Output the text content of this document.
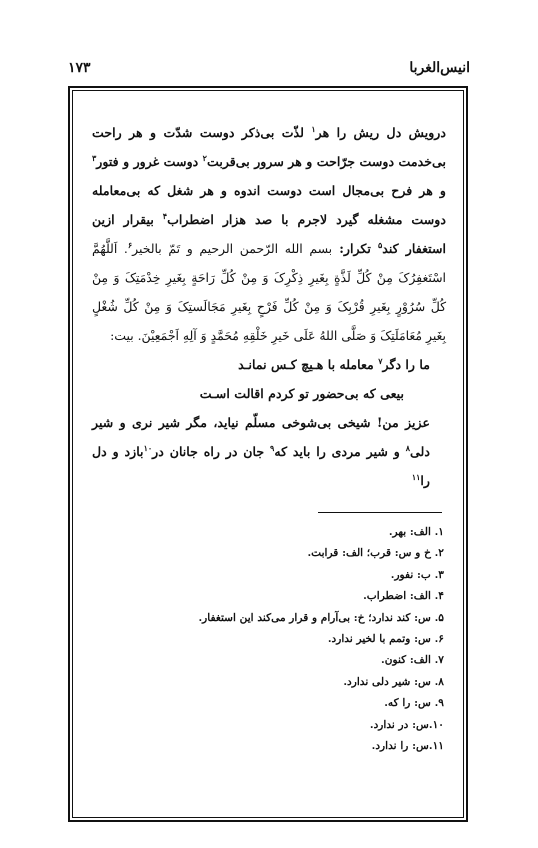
انیس‌الغربا
۱۷۳

درویش دل ریش را هر$^۱$ لذّت بی‌ذکر دوست شدّت و هر راحت بی‌خدمت دوست جرّاحت و هر سرور بی‌قربت$^۲$ دوست غرور و فتور$^۳$ و هر فرح بی‌مجال است دوست اندوه و هر شغل که بی‌معامله دوست مشغله گیرد لاجرم با صد هزار اضطراب$^۴$ بیقرار ازین استغفار کند$^۵$ تکرار: بسم الله الرّحمن الرحيم و تَمّ بالخير$^۶$. اَللَّهُمَّ اسْتَغفِرُکَ مِنْ کُلِّ لَذَّةٍ بِغَيرِ ذِکْرِکَ وَ مِنْ کُلِّ رَاحَةٍ بِغَيرِ خِدْمَتِکَ وَ مِنْ کُلِّ سُرُوْرٍ بِغَيرِ قُرْبِکَ وَ مِنْ کُلِّ فَرْحٍ بِغَيرِ مَجَالَستِکَ وَ مِنْ کُلِّ شُغْلٍ بِغَيرِ مُعَامَلَتِکَ وَ صَلَّى اللهُ عَلَى خَيرِ خَلْقِهِ مُحَمَّدٍ وَ آلِهِ اَجْمَعِيْنَ. بيت:

ما را دگر$^۷$ معامله با هـیچ کـس نمانـد

بیعی که بی‌حضور تو کردم اقالت اسـت

عزیز من! شیخی بی‌شوخی مسلّم نیاید، مگر شیر نری و شیر دلی$^۸$ و شیر مردی را باید که$^۹$ جان در راه جانان در$^{۱۰}$بازد و دل را$^{۱۱}$

۱. الف: بهر.
۲. خ و س: قرب؛ الف: قرابت.
۳. ب: نفور.
۴. الف: اضطراب.
۵. س: کند ندارد؛ خ: بی‌آرام و قرار می‌کند این استغفار.
۶. س: وتمم با لخیر ندارد.
۷. الف: کنون.
۸. س: شیر دلی ندارد.
۹. س: را که.
۱۰.س: در ندارد.
۱۱.س: را ندارد.
